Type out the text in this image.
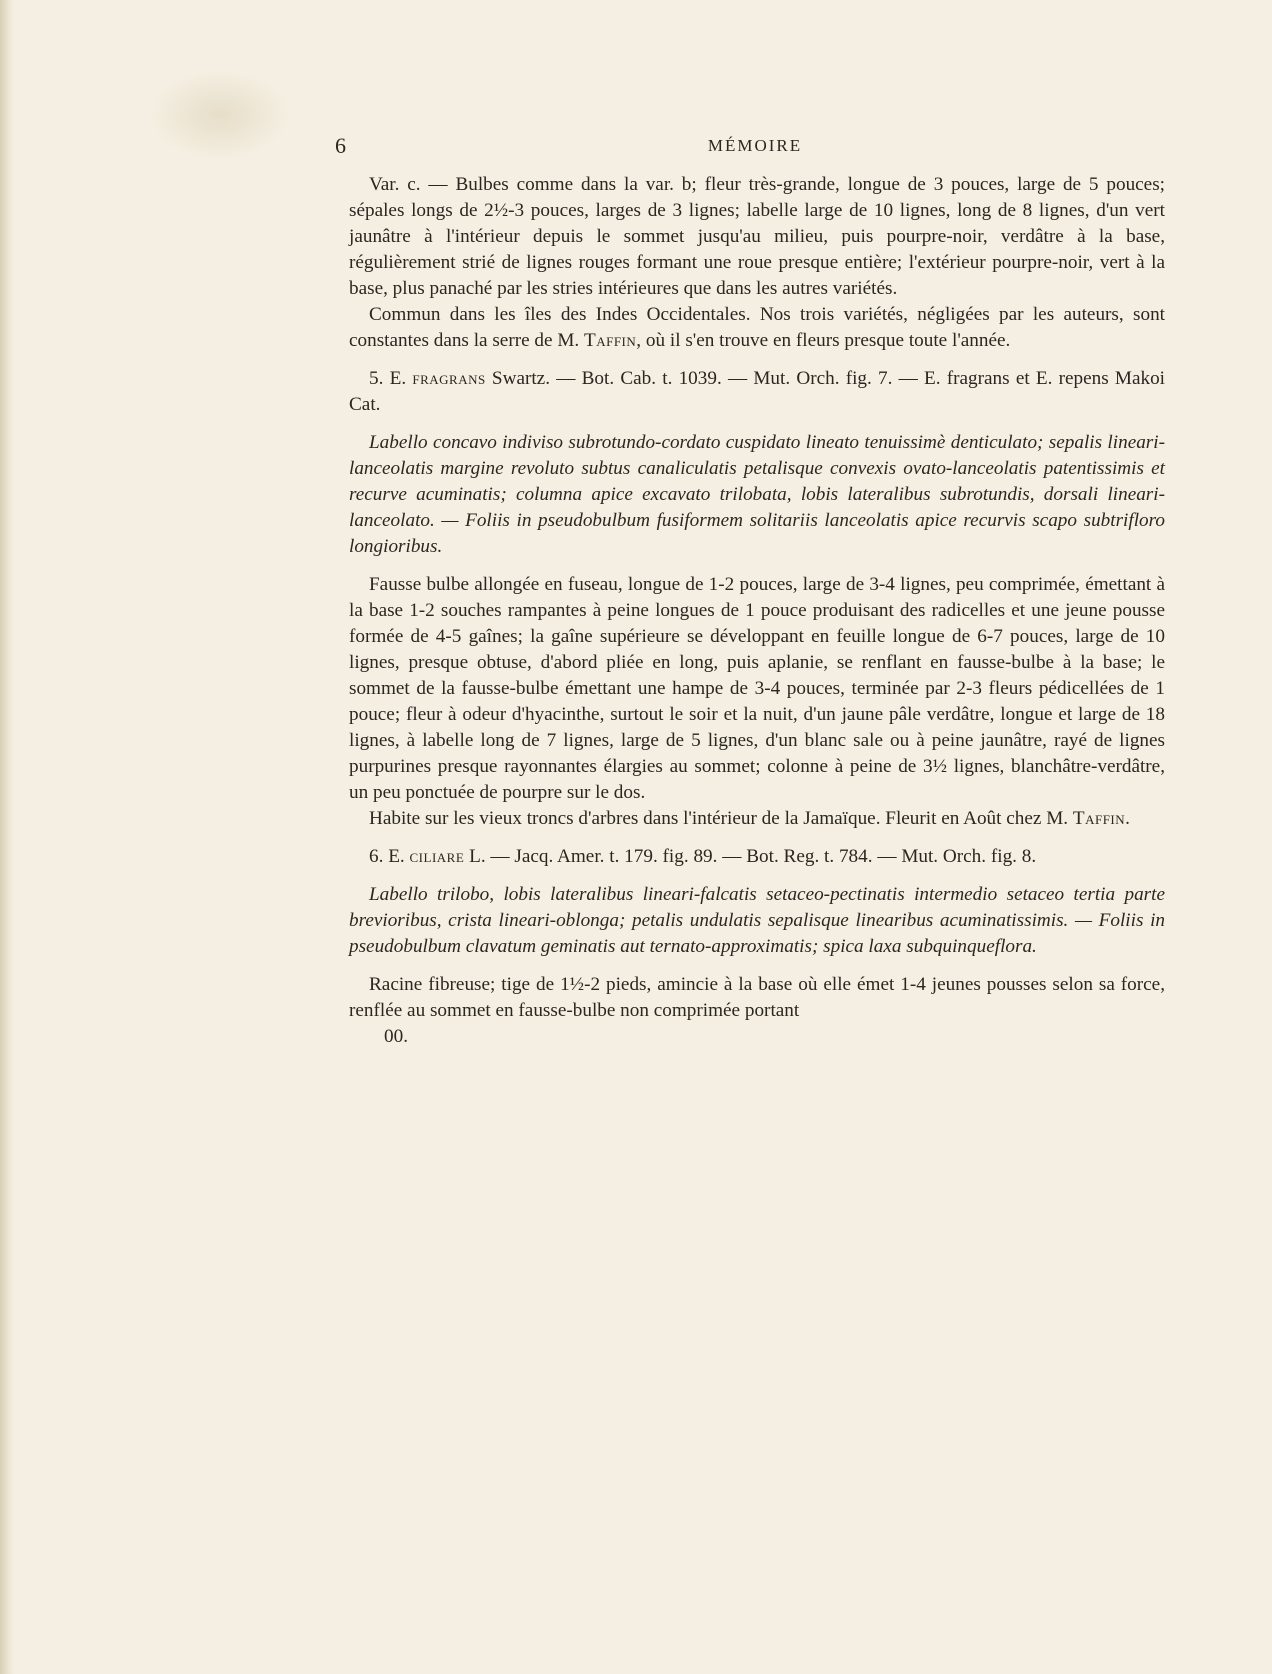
6	MÉMOIRE

Var. c. — Bulbes comme dans la var. b; fleur très-grande, longue de 3 pouces, large de 5 pouces; sépales longs de 2½-3 pouces, larges de 3 lignes; labelle large de 10 lignes, long de 8 lignes, d'un vert jaunâtre à l'intérieur depuis le sommet jusqu'au milieu, puis pourpre-noir, verdâtre à la base, régulièrement strié de lignes rouges formant une roue presque entière; l'extérieur pourpre-noir, vert à la base, plus panaché par les stries intérieures que dans les autres variétés.

Commun dans les îles des Indes Occidentales. Nos trois variétés, négligées par les auteurs, sont constantes dans la serre de M. Taffin, où il s'en trouve en fleurs presque toute l'année.

5. E. fragrans Swartz. — Bot. Cab. t. 1039. — Mut. Orch. fig. 7. — E. fragrans et E. repens Makoi Cat.

Labello concavo indiviso subrotundo-cordato cuspidato lineato tenuissimè denticulato; sepalis lineari-lanceolatis margine revoluto subtus canaliculatis petalisque convexis ovato-lanceolatis patentissimis et recurve acuminatis; columna apice excavato trilobata, lobis lateralibus subrotundis, dorsali lineari-lanceolato. — Foliis in pseudobulbum fusiformem solitariis lanceolatis apice recurvis scapo subtrifloro longioribus.

Fausse bulbe allongée en fuseau, longue de 1-2 pouces, large de 3-4 lignes, peu comprimée, émettant à la base 1-2 souches rampantes à peine longues de 1 pouce produisant des radicelles et une jeune pousse formée de 4-5 gaînes; la gaîne supérieure se développant en feuille longue de 6-7 pouces, large de 10 lignes, presque obtuse, d'abord pliée en long, puis aplanie, se renflant en fausse-bulbe à la base; le sommet de la fausse-bulbe émettant une hampe de 3-4 pouces, terminée par 2-3 fleurs pédicellées de 1 pouce; fleur à odeur d'hyacinthe, surtout le soir et la nuit, d'un jaune pâle verdâtre, longue et large de 18 lignes, à labelle long de 7 lignes, large de 5 lignes, d'un blanc sale ou à peine jaunâtre, rayé de lignes purpurines presque rayonnantes élargies au sommet; colonne à peine de 3½ lignes, blanchâtre-verdâtre, un peu ponctuée de pourpre sur le dos.

Habite sur les vieux troncs d'arbres dans l'intérieur de la Jamaïque. Fleurit en Août chez M. Taffin.

6. E. ciliare L. — Jacq. Amer. t. 179. fig. 89. — Bot. Reg. t. 784. — Mut. Orch. fig. 8.

Labello trilobo, lobis lateralibus lineari-falcatis setaceo-pectinatis intermedio setaceo tertia parte brevioribus, crista lineari-oblonga; petalis undulatis sepalisque linearibus acuminatissimis. — Foliis in pseudobulbum clavatum geminatis aut ternato-approximatis; spica laxa subquinqueflora.

Racine fibreuse; tige de 1½-2 pieds, amincie à la base où elle émet 1-4 jeunes pousses selon sa force, renflée au sommet en fausse-bulbe non comprimée portant

00.
